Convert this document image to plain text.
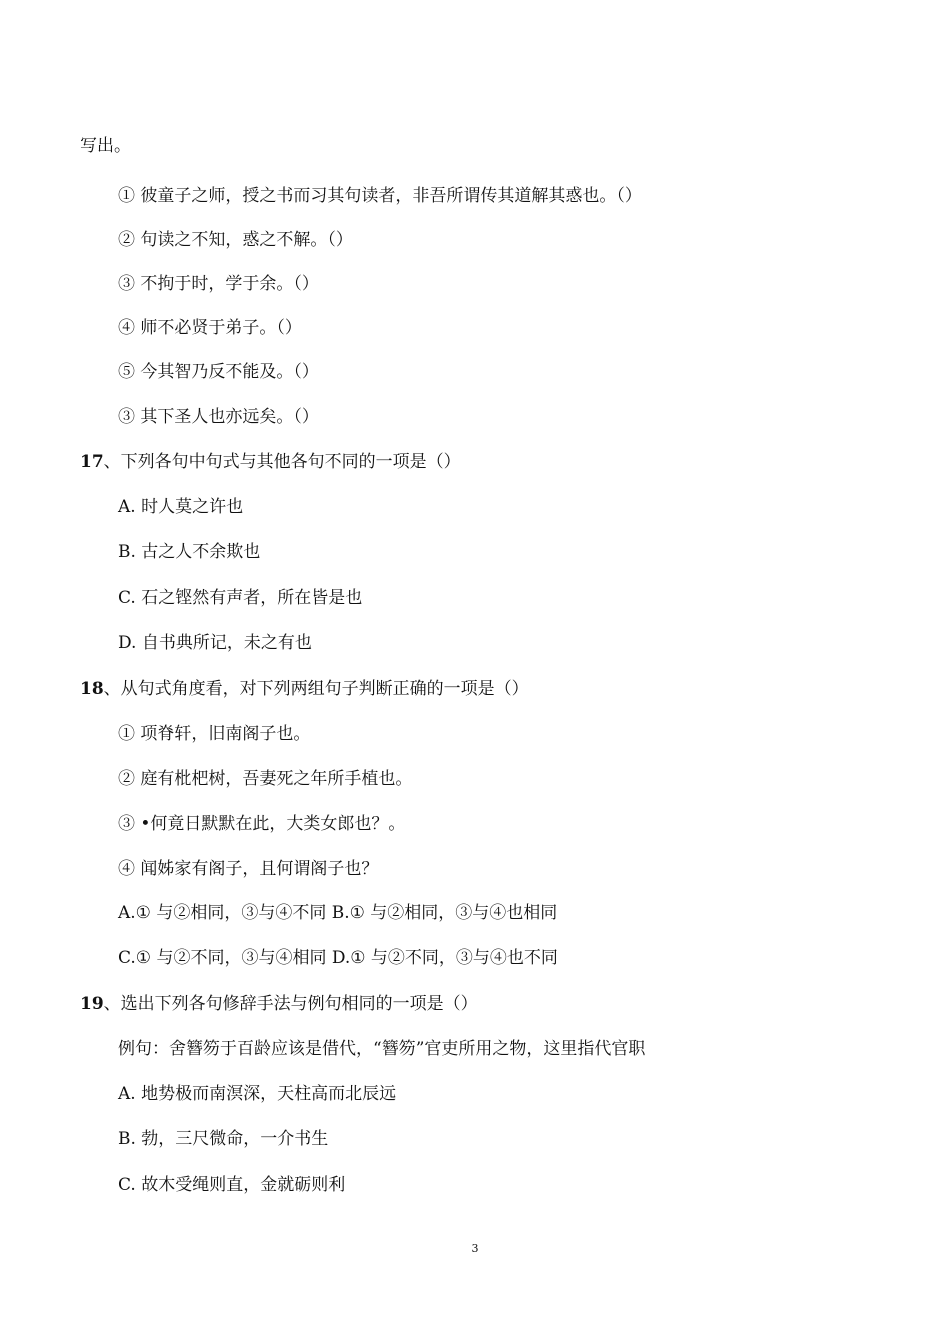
写出。
① 彼童子之师，授之书而习其句读者，非吾所谓传其道解其惑也。（）
② 句读之不知，惑之不解。（）
③ 不拘于时，学于余。（）
④ 师不必贤于弟子。（）
⑤ 今其智乃反不能及。（）
③ 其下圣人也亦远矣。（）
17、下列各句中句式与其他各句不同的一项是（）
A. 时人莫之许也
B. 古之人不余欺也
C. 石之铿然有声者，所在皆是也
D. 自书典所记，未之有也
18、从句式角度看，对下列两组句子判断正确的一项是（）
① 项脊轩，旧南阁子也。
② 庭有枇杷树，吾妻死之年所手植也。
③ •何竟日默默在此，大类女郎也？。
④ 闻姊家有阁子，且何谓阁子也？
A.① 与②相同，③与④不同 B.① 与②相同，③与④也相同
C.① 与②不同，③与④相同 D.① 与②不同，③与④也不同
19、选出下列各句修辞手法与例句相同的一项是（）
例句：舍簪笏于百龄应该是借代，“簪笏”官吏所用之物，这里指代官职
A. 地势极而南溟深，天柱高而北辰远
B. 勃，三尺微命，一介书生
C. 故木受绳则直，金就砺则利
3
